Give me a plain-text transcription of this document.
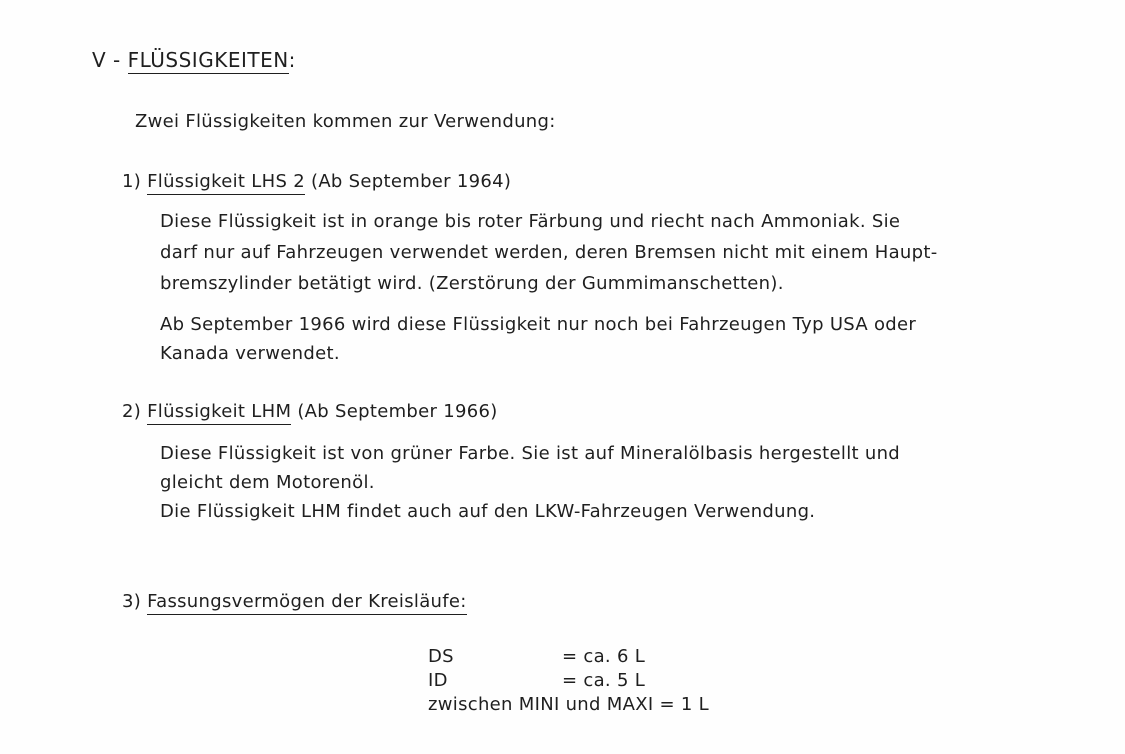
V - FLÜSSIGKEITEN:
Zwei Flüssigkeiten kommen zur Verwendung:
1) Flüssigkeit LHS 2 (Ab September 1964)
Diese Flüssigkeit ist in orange bis roter Färbung und riecht nach Ammoniak. Sie
darf nur auf Fahrzeugen verwendet werden, deren Bremsen nicht mit einem Haupt-
bremszylinder betätigt wird. (Zerstörung der Gummimanschetten).
Ab September 1966 wird diese Flüssigkeit nur noch bei Fahrzeugen Typ USA oder
Kanada verwendet.
2) Flüssigkeit LHM (Ab September 1966)
Diese Flüssigkeit ist von grüner Farbe. Sie ist auf Mineralölbasis hergestellt und
gleicht dem Motorenöl.
Die Flüssigkeit LHM findet auch auf den LKW-Fahrzeugen Verwendung.
3) Fassungsvermögen der Kreisläufe:
DS	= ca. 6 L
ID	= ca. 5 L
zwischen MINI und MAXI = 1 L
